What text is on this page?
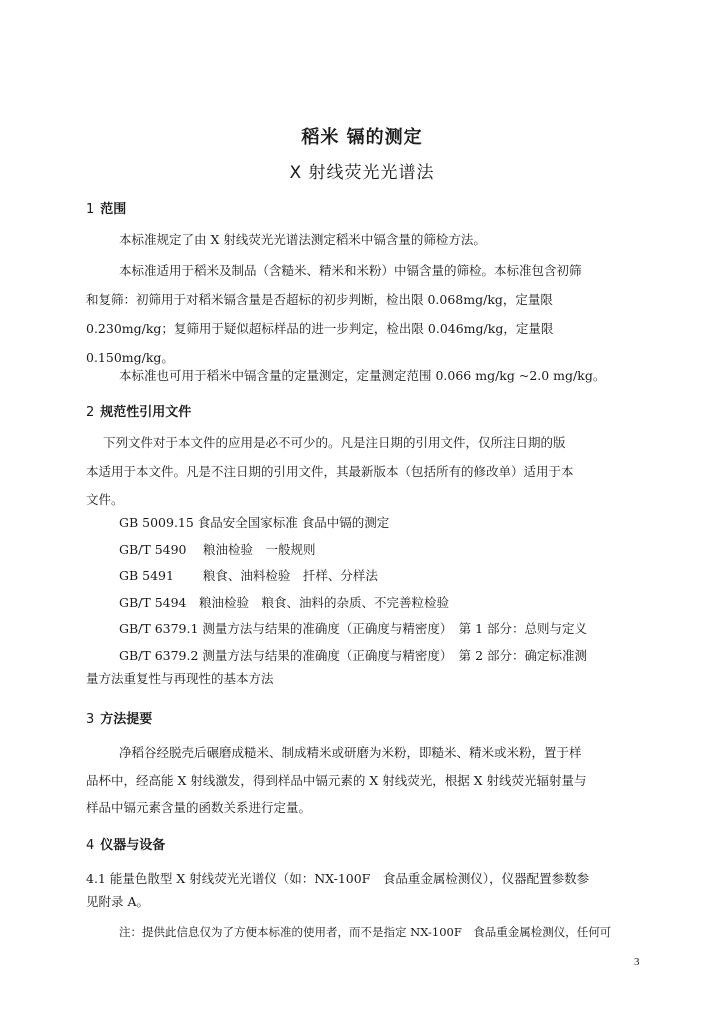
稻米 镉的测定
X 射线荧光光谱法
1 范围
本标准规定了由 X 射线荧光光谱法测定稻米中镉含量的筛检方法。
本标准适用于稻米及制品（含糙米、精米和米粉）中镉含量的筛检。本标准包含初筛
和复筛：初筛用于对稻米镉含量是否超标的初步判断，检出限 0.068mg/kg，定量限
0.230mg/kg；复筛用于疑似超标样品的进一步判定，检出限 0.046mg/kg，定量限
0.150mg/kg。
本标准也可用于稻米中镉含量的定量测定，定量测定范围 0.066 mg/kg ~2.0 mg/kg。
2 规范性引用文件
下列文件对于本文件的应用是必不可少的。凡是注日期的引用文件，仅所注日期的版
本适用于本文件。凡是不注日期的引用文件，其最新版本（包括所有的修改单）适用于本
文件。
GB 5009.15 食品安全国家标准 食品中镉的测定
GB/T 5490　 粮油检验　一般规则
GB 5491　　 粮食、油料检验　扦样、分样法
GB/T 5494　粮油检验　粮食、油料的杂质、不完善粒检验
GB/T 6379.1 测量方法与结果的准确度（正确度与精密度）　第 1 部分：总则与定义
GB/T 6379.2 测量方法与结果的准确度（正确度与精密度）　第 2 部分：确定标准测
量方法重复性与再现性的基本方法
3 方法提要
净稻谷经脱壳后碾磨成糙米、制成精米或研磨为米粉，即糙米、精米或米粉，置于样
品杯中，经高能 X 射线激发，得到样品中镉元素的 X 射线荧光，根据 X 射线荧光辐射量与
样品中镉元素含量的函数关系进行定量。
4 仪器与设备
4.1 能量色散型 X 射线荧光光谱仪（如：NX-100F　食品重金属检测仪），仪器配置参数参
见附录 A。
注：提供此信息仅为了方便本标准的使用者，而不是指定 NX-100F　食品重金属检测仪，任何可
3
